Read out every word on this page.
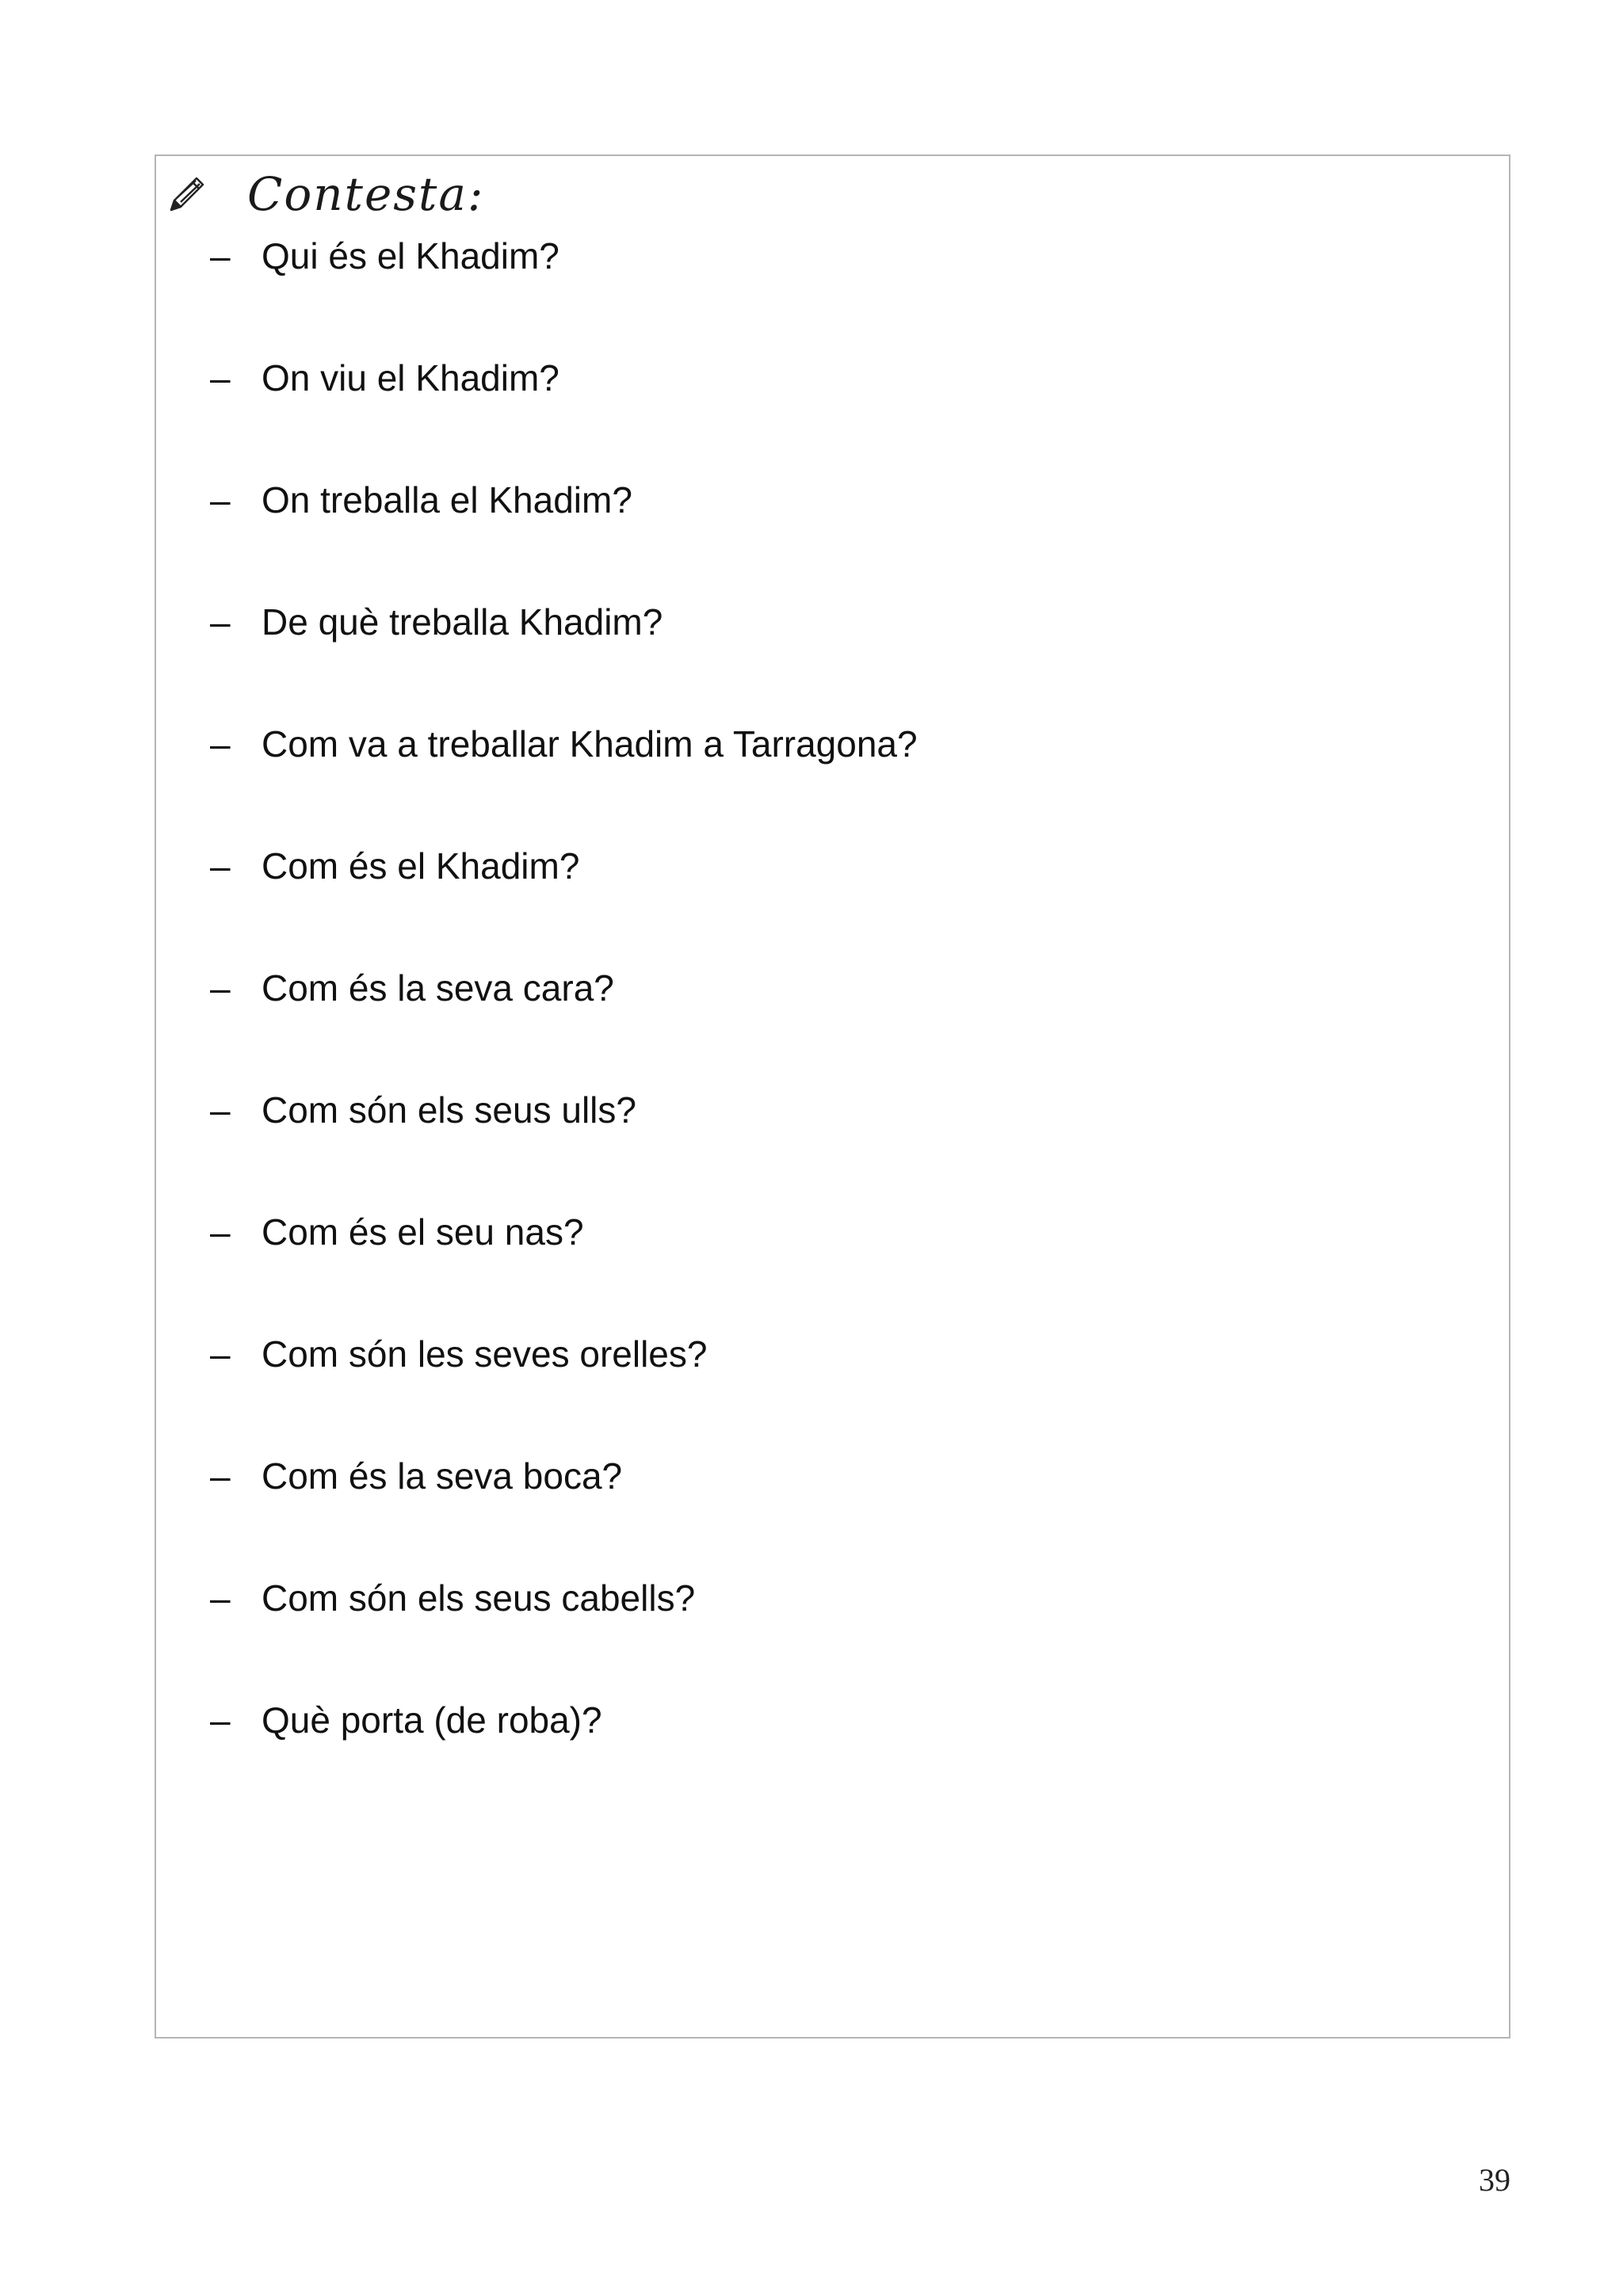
Contesta:
– Qui és el Khadim?
– On viu el Khadim?
– On treballa el Khadim?
– De què treballa Khadim?
– Com va a treballar Khadim a Tarragona?
– Com és el Khadim?
– Com és la seva cara?
– Com són els seus ulls?
– Com és el seu nas?
– Com són les seves orelles?
– Com és la seva boca?
– Com són els seus cabells?
– Què porta (de roba)?
39
